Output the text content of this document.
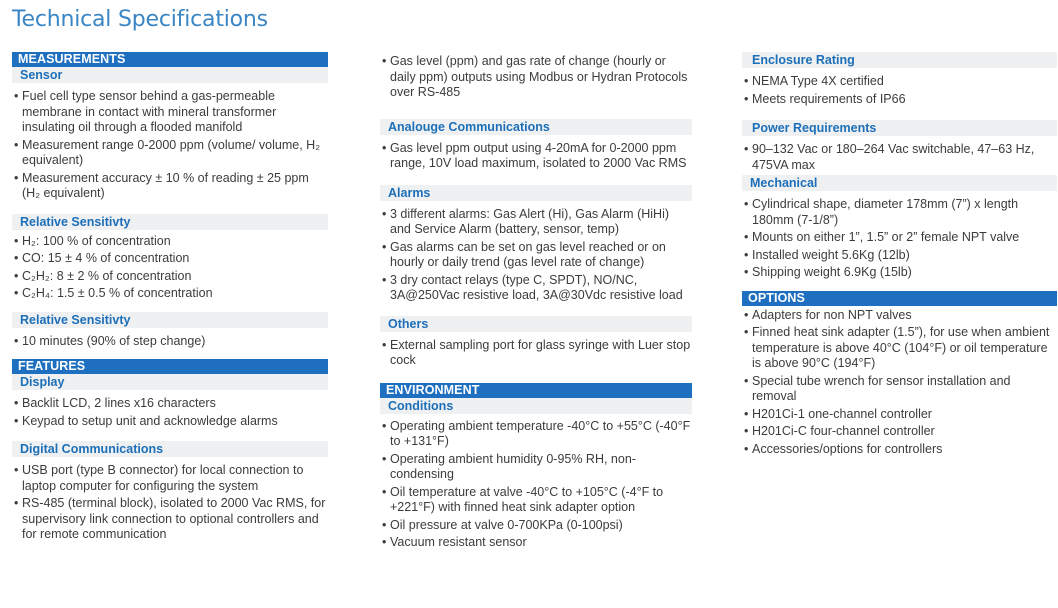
Technical Specifications
MEASUREMENTS
Sensor
• Fuel cell type sensor behind a gas-permeable membrane in contact with mineral transformer insulating oil through a flooded manifold
• Measurement range 0-2000 ppm (volume/ volume, H₂ equivalent)
• Measurement accuracy ± 10 % of reading ± 25 ppm (H₂ equivalent)
Relative Sensitivty
• H₂: 100 % of concentration
• CO: 15 ± 4 % of concentration
• C₂H₂: 8 ± 2 % of concentration
• C₂H₄: 1.5 ± 0.5 % of concentration
Relative Sensitivty
• 10 minutes (90% of step change)
FEATURES
Display
• Backlit LCD, 2 lines x16 characters
• Keypad to setup unit and acknowledge alarms
Digital Communications
• USB port (type B connector) for local connection to laptop computer for configuring the system
• RS-485 (terminal block), isolated to 2000 Vac RMS, for supervisory link connection to optional controllers and for remote communication
• Gas level (ppm) and gas rate of change (hourly or daily ppm) outputs using Modbus or Hydran Protocols over RS-485
Analouge Communications
• Gas level ppm output using 4-20mA for 0-2000 ppm range, 10V load maximum, isolated to 2000 Vac RMS
Alarms
• 3 different alarms: Gas Alert (Hi), Gas Alarm (HiHi) and Service Alarm (battery, sensor, temp)
• Gas alarms can be set on gas level reached or on hourly or daily trend (gas level rate of change)
• 3 dry contact relays (type C, SPDT), NO/NC, 3A@250Vac resistive load, 3A@30Vdc resistive load
Others
• External sampling port for glass syringe with Luer stop cock
ENVIRONMENT
Conditions
• Operating ambient temperature -40°C to +55°C (-40°F to +131°F)
• Operating ambient humidity 0-95% RH, non-condensing
• Oil temperature at valve -40°C to +105°C (-4°F to +221°F) with finned heat sink adapter option
• Oil pressure at valve 0-700KPa (0-100psi)
• Vacuum resistant sensor
Enclosure Rating
• NEMA Type 4X certified
• Meets requirements of IP66
Power Requirements
• 90–132 Vac or 180–264 Vac switchable, 47–63 Hz, 475VA max
Mechanical
• Cylindrical shape, diameter 178mm (7”) x length 180mm (7-1/8”)
• Mounts on either 1”, 1.5” or 2” female NPT valve
• Installed weight 5.6Kg (12lb)
• Shipping weight 6.9Kg (15lb)
OPTIONS
• Adapters for non NPT valves
• Finned heat sink adapter (1.5”), for use when ambient temperature is above 40°C (104°F) or oil temperature is above 90°C (194°F)
• Special tube wrench for sensor installation and removal
• H201Ci-1 one-channel controller
• H201Ci-C four-channel controller
• Accessories/options for controllers
